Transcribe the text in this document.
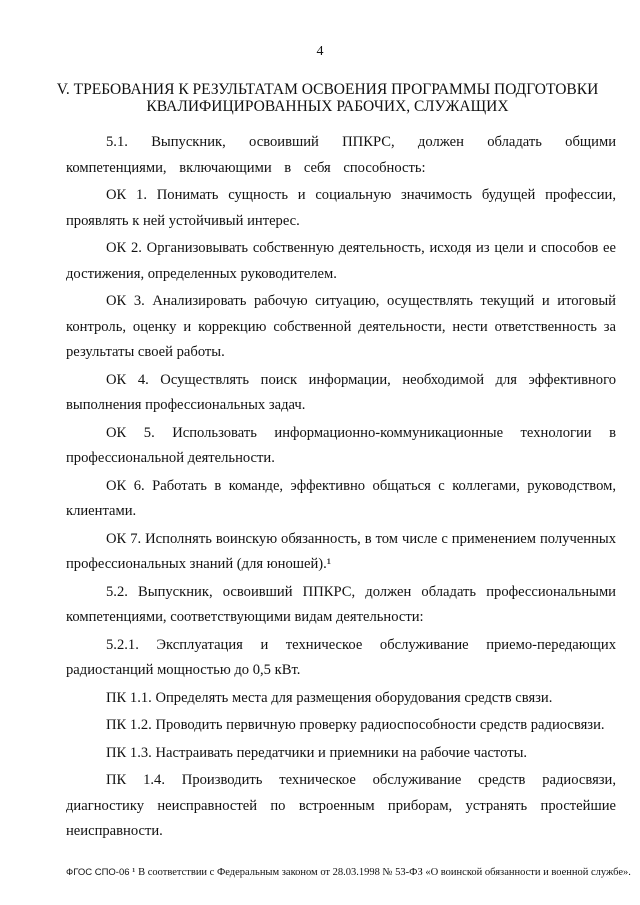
4
V. ТРЕБОВАНИЯ К РЕЗУЛЬТАТАМ ОСВОЕНИЯ ПРОГРАММЫ ПОДГОТОВКИ
КВАЛИФИЦИРОВАННЫХ РАБОЧИХ, СЛУЖАЩИХ

5.1. Выпускник, освоивший ППКРС, должен обладать общими компетенциями, включающими в себя способность:

ОК 1. Понимать сущность и социальную значимость будущей профессии, проявлять к ней устойчивый интерес.

ОК 2. Организовывать собственную деятельность, исходя из цели и способов ее достижения, определенных руководителем.

ОК 3. Анализировать рабочую ситуацию, осуществлять текущий и итоговый контроль, оценку и коррекцию собственной деятельности, нести ответственность за результаты своей работы.

ОК 4. Осуществлять поиск информации, необходимой для эффективного выполнения профессиональных задач.

ОК 5. Использовать информационно-коммуникационные технологии в профессиональной деятельности.

ОК 6. Работать в команде, эффективно общаться с коллегами, руководством, клиентами.

ОК 7. Исполнять воинскую обязанность, в том числе с применением полученных профессиональных знаний (для юношей).¹

5.2. Выпускник, освоивший ППКРС, должен обладать профессиональными компетенциями, соответствующими видам деятельности:

5.2.1. Эксплуатация и техническое обслуживание приемо-передающих радиостанций мощностью до 0,5 кВт.

ПК 1.1. Определять места для размещения оборудования средств связи.

ПК 1.2. Проводить первичную проверку радиоспособности средств радиосвязи.

ПК 1.3. Настраивать передатчики и приемники на рабочие частоты.

ПК 1.4. Производить техническое обслуживание средств радиосвязи, диагностику неисправностей по встроенным приборам, устранять простейшие неисправности.

ФГОС СПО-06 ¹ В соответствии с Федеральным законом от 28.03.1998 № 53-ФЗ «О воинской обязанности и военной службе».
